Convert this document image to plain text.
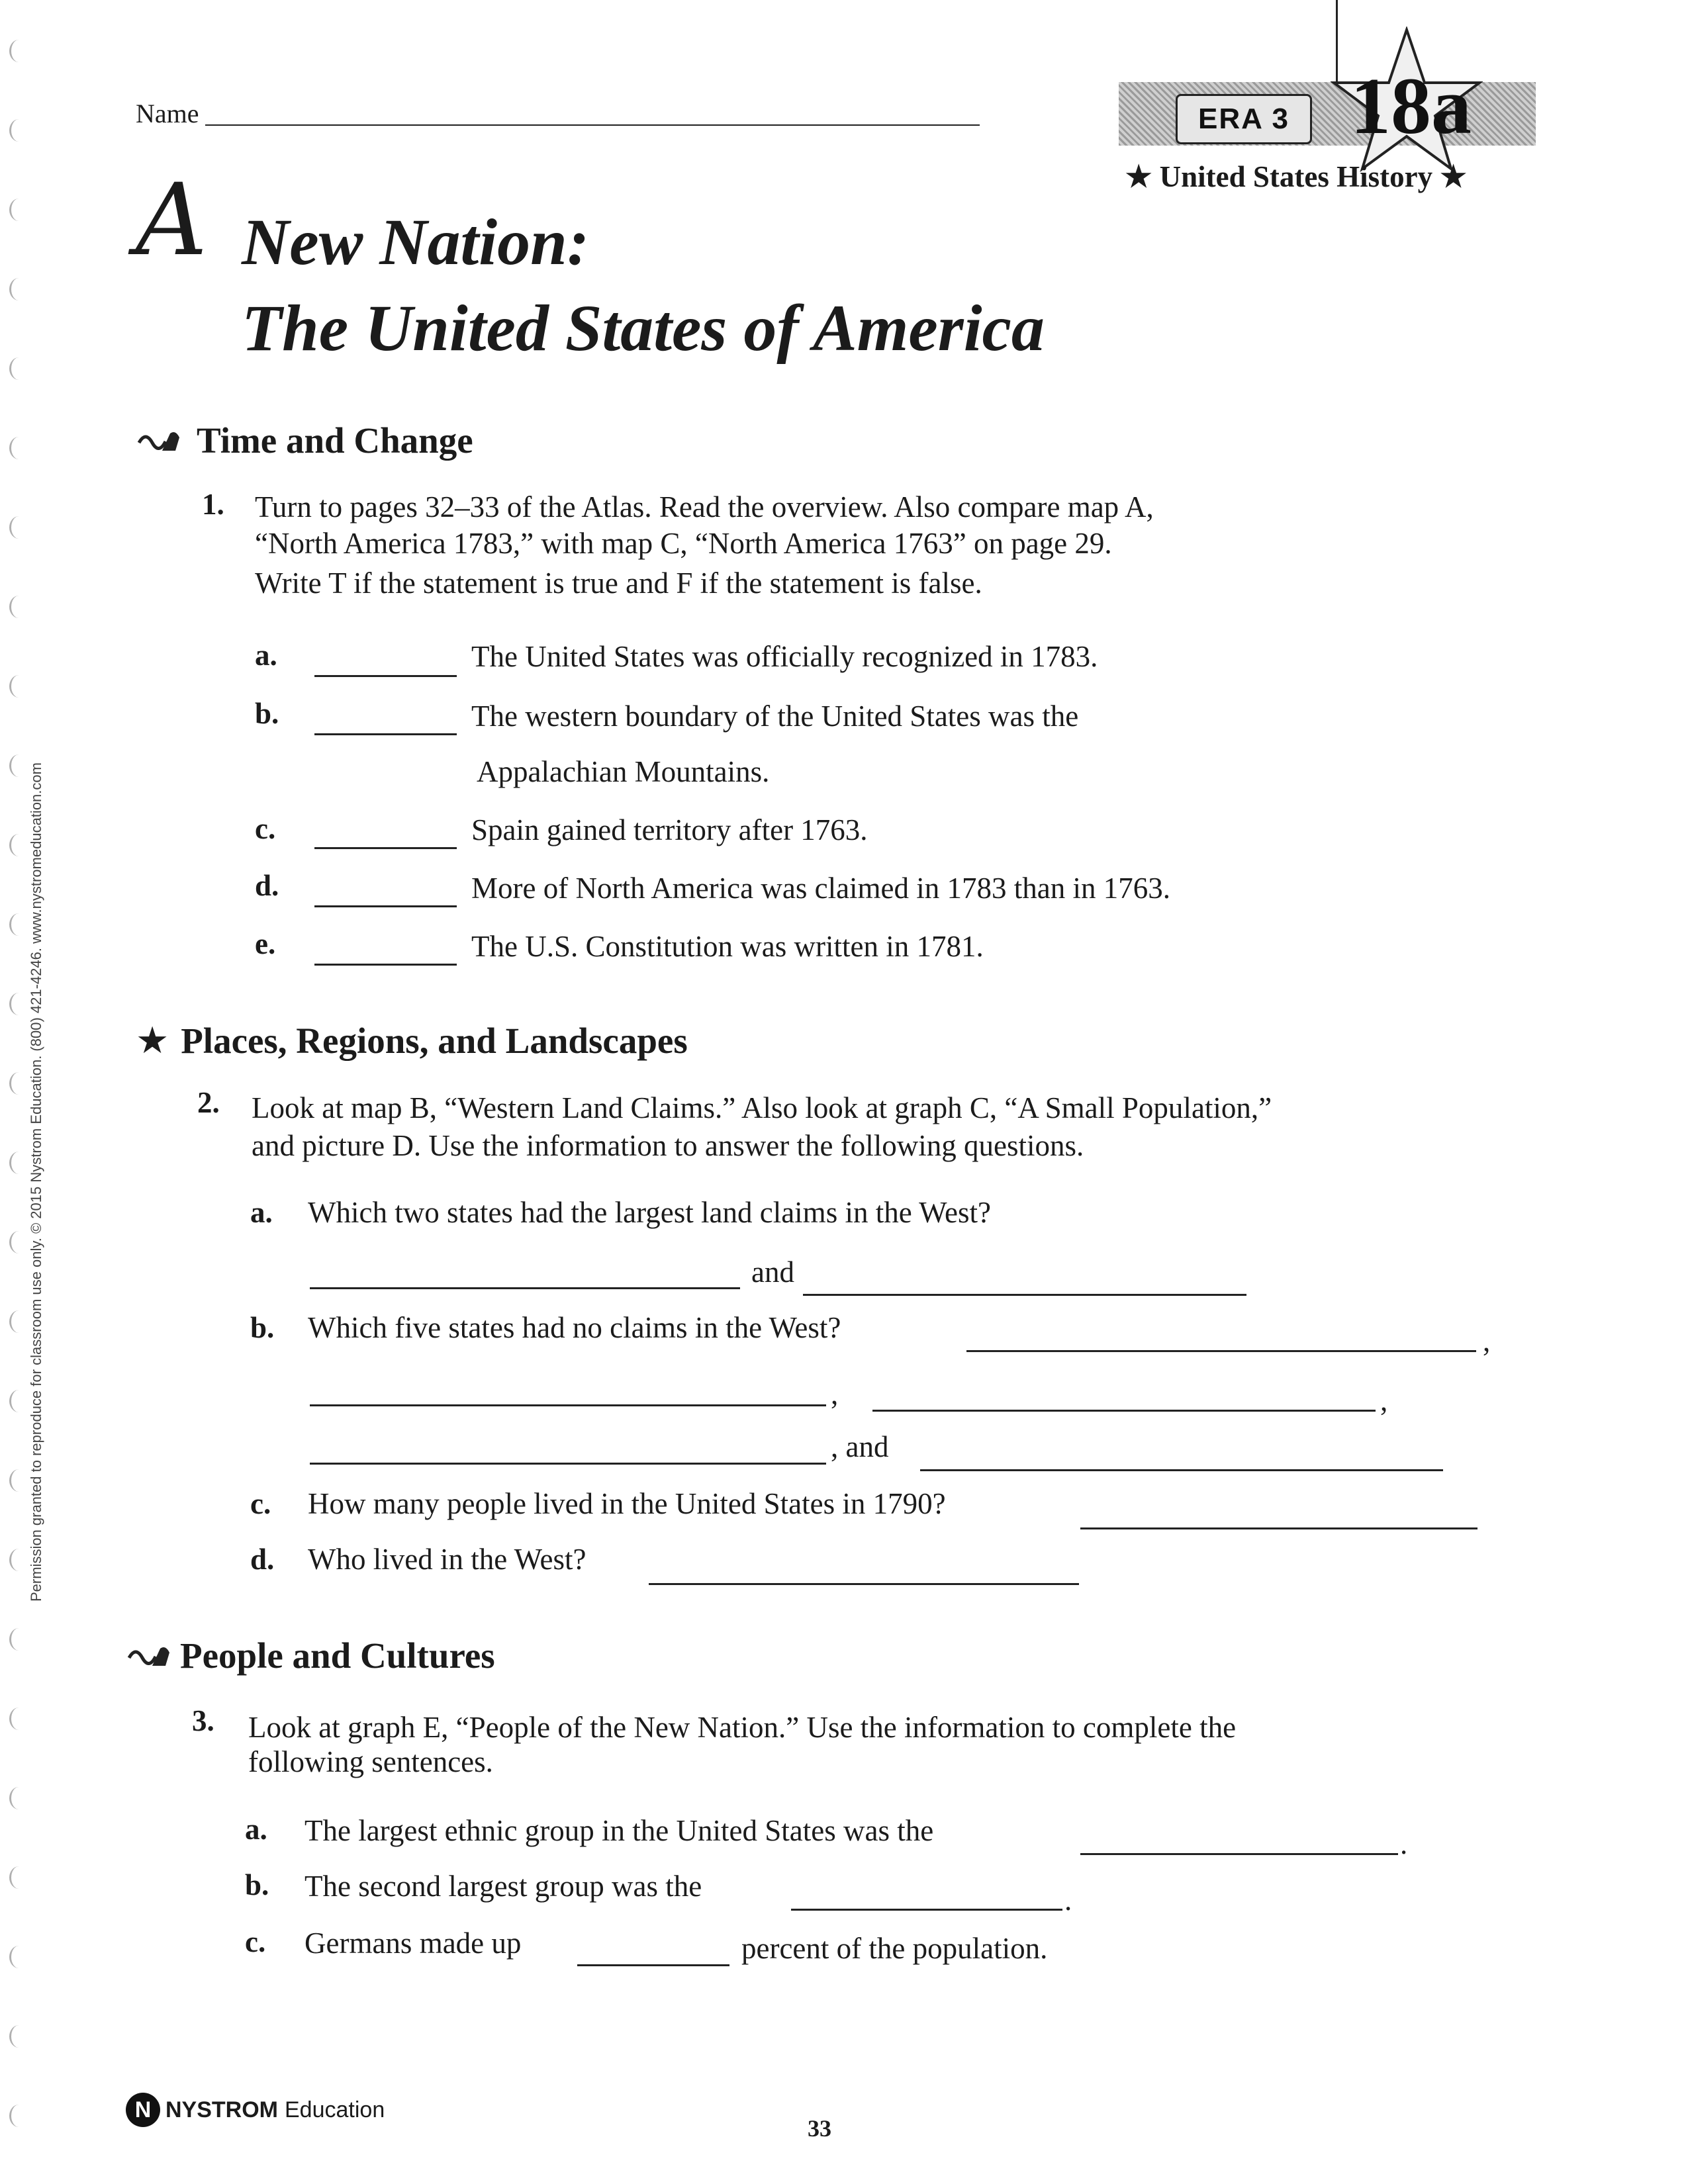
Permission granted to reproduce for classroom use only. © 2015 Nystrom Education. (800) 421-4246. www.nystromeducation.com
Name	ERA 3 18a
★ United States History ★
A New Nation:
The United States of America
Time and Change
1. Turn to pages 32–33 of the Atlas. Read the overview. Also compare map A,
“North America 1783,” with map C, “North America 1763” on page 29.
Write T if the statement is true and F if the statement is false.
a.	The United States was officially recognized in 1783.
b.	The western boundary of the United States was the
Appalachian Mountains.
c.	Spain gained territory after 1763.
d.	More of North America was claimed in 1783 than in 1763.
e.	The U.S. Constitution was written in 1781.
★ Places, Regions, and Landscapes
2. Look at map B, “Western Land Claims.” Also look at graph C, “A Small Population,”
and picture D. Use the information to answer the following questions.
a. Which two states had the largest land claims in the West?
and
b. Which five states had no claims in the West?	,
,	,
, and
c. How many people lived in the United States in 1790?
d. Who lived in the West?
People and Cultures
3. Look at graph E, “People of the New Nation.” Use the information to complete the
following sentences.
a. The largest ethnic group in the United States was the	.
b. The second largest group was the	.
c. Germans made up	percent of the population.
N NYSTROM Education
33
